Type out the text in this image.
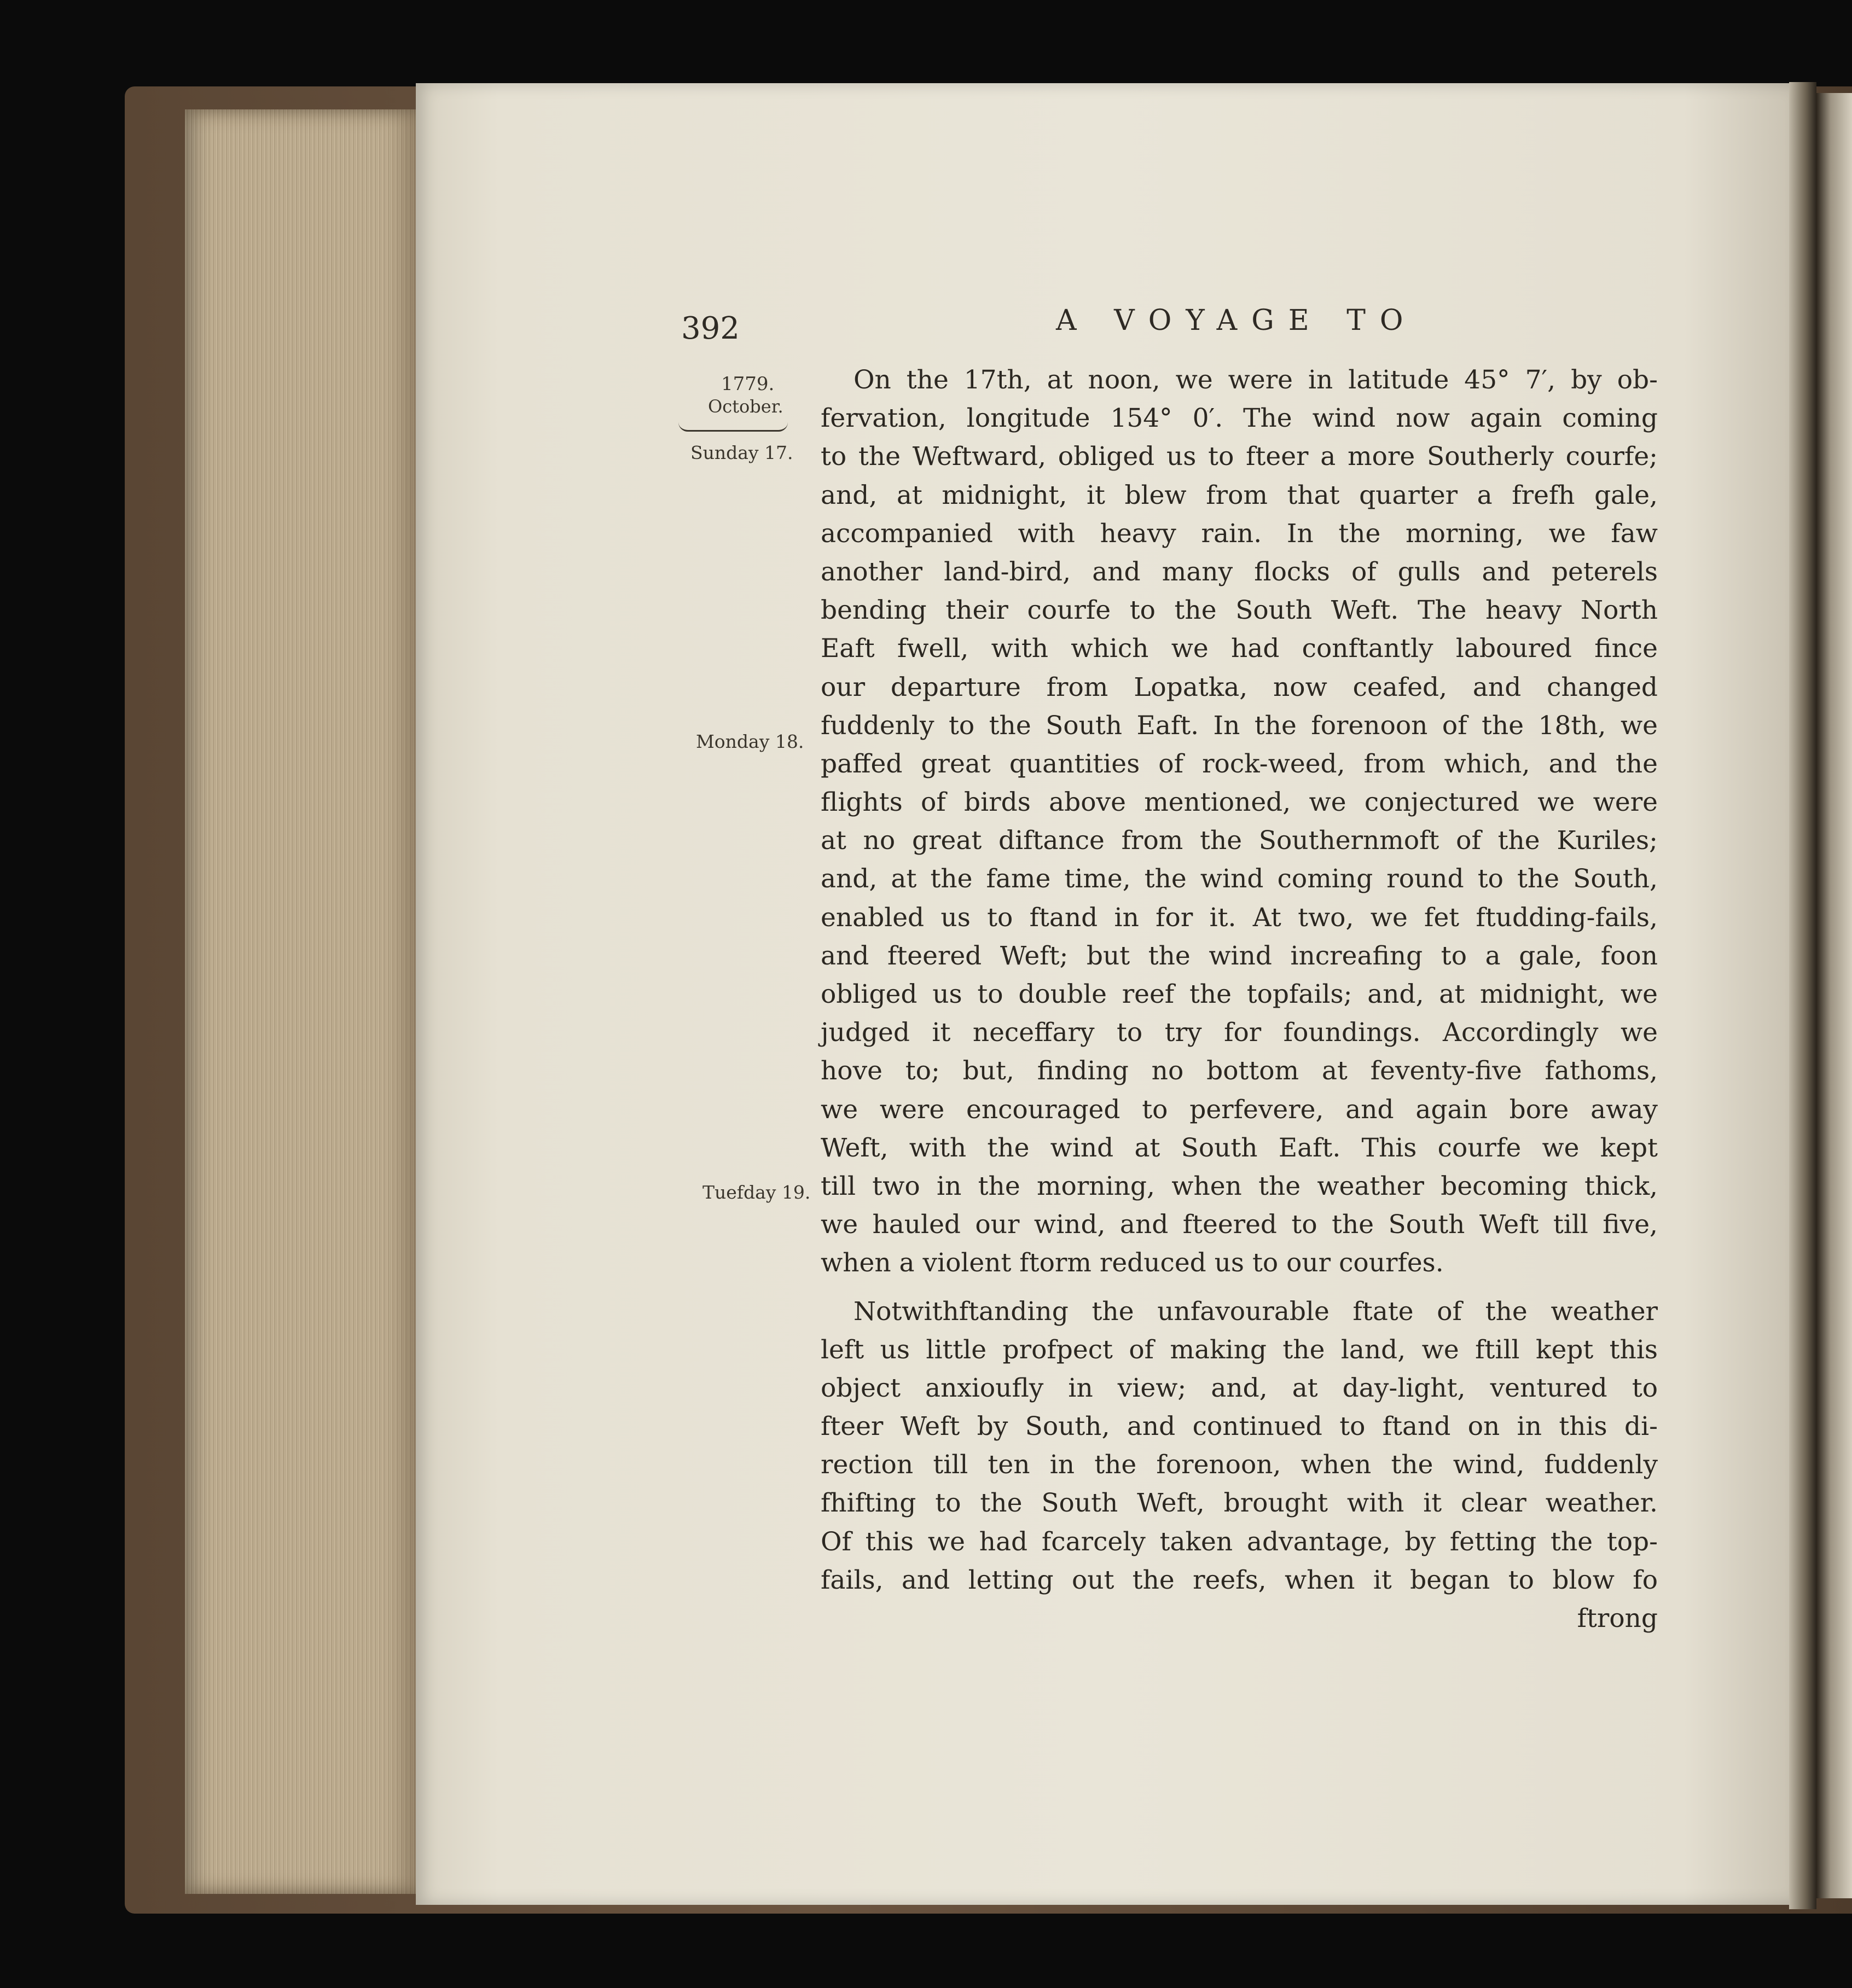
392	A VOYAGE TO

1779.

October.

Sunday 17.

Monday 18.

Tuefday 19.

On the 17th, at noon, we were in latitude 45° 7′, by ob-
fervation, longitude 154° 0′. The wind now again coming
to the Weftward, obliged us to fteer a more Southerly courfe;
and, at midnight, it blew from that quarter a frefh gale,
accompanied with heavy rain. In the morning, we faw
another land-bird, and many flocks of gulls and peterels
bending their courfe to the South Weft. The heavy North
Eaft fwell, with which we had conftantly laboured fince
our departure from Lopatka, now ceafed, and changed
fuddenly to the South Eaft. In the forenoon of the 18th, we
paffed great quantities of rock-weed, from which, and the
flights of birds above mentioned, we conjectured we were
at no great diftance from the Southernmoft of the Kuriles;
and, at the fame time, the wind coming round to the South,
enabled us to ftand in for it. At two, we fet ftudding-fails,
and fteered Weft; but the wind increafing to a gale, foon
obliged us to double reef the topfails; and, at midnight, we
judged it neceffary to try for foundings. Accordingly we
hove to; but, finding no bottom at feventy-five fathoms,
we were encouraged to perfevere, and again bore away
Weft, with the wind at South Eaft. This courfe we kept
till two in the morning, when the weather becoming thick,
we hauled our wind, and fteered to the South Weft till five,
when a violent ftorm reduced us to our courfes.
Notwithftanding the unfavourable ftate of the weather
left us little profpect of making the land, we ftill kept this
object anxioufly in view; and, at day-light, ventured to
fteer Weft by South, and continued to ftand on in this di-
rection till ten in the forenoon, when the wind, fuddenly
fhifting to the South Weft, brought with it clear weather.
Of this we had fcarcely taken advantage, by fetting the top-
fails, and letting out the reefs, when it began to blow fo
ftrong
